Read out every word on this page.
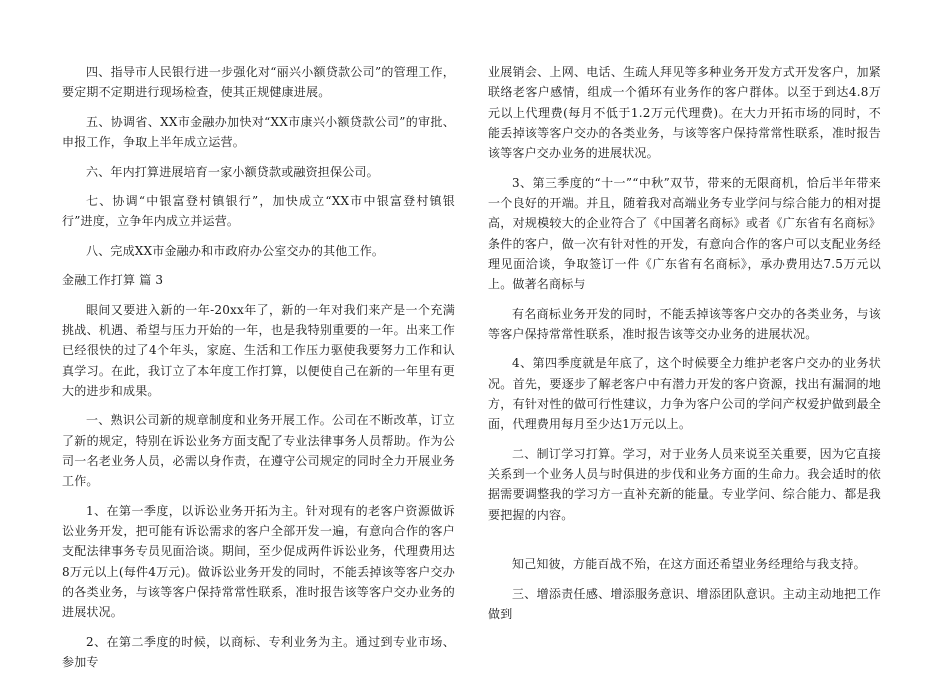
四、指导市人民银行进一步强化对“丽兴小额贷款公司”的管理工作，要定期不定期进行现场检查，使其正规健康进展。

五、协调省、XX市金融办加快对“XX市康兴小额贷款公司”的审批、申报工作，争取上半年成立运营。

六、年内打算进展培育一家小额贷款或融资担保公司。

七、协调“中银富登村镇银行”，加快成立“XX市中银富登村镇银行”进度，立争年内成立并运营。

八、完成XX市金融办和市政府办公室交办的其他工作。

金融工作打算 篇 3

眼间又要进入新的一年-20xx年了，新的一年对我们来产是一个充满挑战、机遇、希望与压力开始的一年，也是我特别重要的一年。出来工作已经很快的过了4个年头，家庭、生活和工作压力驱使我要努力工作和认真学习。在此，我订立了本年度工作打算，以便使自己在新的一年里有更大的进步和成果。

一、熟识公司新的规章制度和业务开展工作。公司在不断改革，订立了新的规定，特别在诉讼业务方面支配了专业法律事务人员帮助。作为公司一名老业务人员，必需以身作责，在遵守公司规定的同时全力开展业务工作。

1、在第一季度，以诉讼业务开拓为主。针对现有的老客户资源做诉讼业务开发，把可能有诉讼需求的客户全部开发一遍，有意向合作的客户支配法律事务专员见面洽谈。期间，至少促成两件诉讼业务，代理费用达8万元以上(每件4万元)。做诉讼业务开发的同时，不能丢掉该等客户交办的各类业务，与该等客户保持常常性联系，准时报告该等客户交办业务的进展状况。

2、在第二季度的时候，以商标、专利业务为主。通过到专业市场、参加专

业展销会、上网、电话、生疏人拜见等多种业务开发方式开发客户，加紧联络老客户感情，组成一个循环有业务作的客户群体。以至于到达4.8万元以上代理费(每月不低于1.2万元代理费)。在大力开拓市场的同时，不能丢掉该等客户交办的各类业务，与该等客户保持常常性联系，准时报告该等客户交办业务的进展状况。

3、第三季度的“十一”“中秋”双节，带来的无限商机，恰后半年带来一个良好的开端。并且，随着我对高端业务专业学问与综合能力的相对提高，对规模较大的企业符合了《中国著名商标》或者《广东省有名商标》条件的客户，做一次有针对性的开发，有意向合作的客户可以支配业务经理见面洽谈，争取签订一件《广东省有名商标》，承办费用达7.5万元以上。做著名商标与

有名商标业务开发的同时，不能丢掉该等客户交办的各类业务，与该等客户保持常常性联系，准时报告该等交办业务的进展状况。

4、第四季度就是年底了，这个时候要全力维护老客户交办的业务状况。首先，要逐步了解老客户中有潜力开发的客户资源，找出有漏洞的地方，有针对性的做可行性建议，力争为客户公司的学问产权爱护做到最全面，代理费用每月至少达1万元以上。

二、制订学习打算。学习，对于业务人员来说至关重要，因为它直接关系到一个业务人员与时俱进的步伐和业务方面的生命力。我会适时的依据需要调整我的学习方一直补充新的能量。专业学问、综合能力、都是我要把握的内容。

知己知彼，方能百战不殆，在这方面还希望业务经理给与我支持。

三、增添责任感、增添服务意识、增添团队意识。主动主动地把工作做到
